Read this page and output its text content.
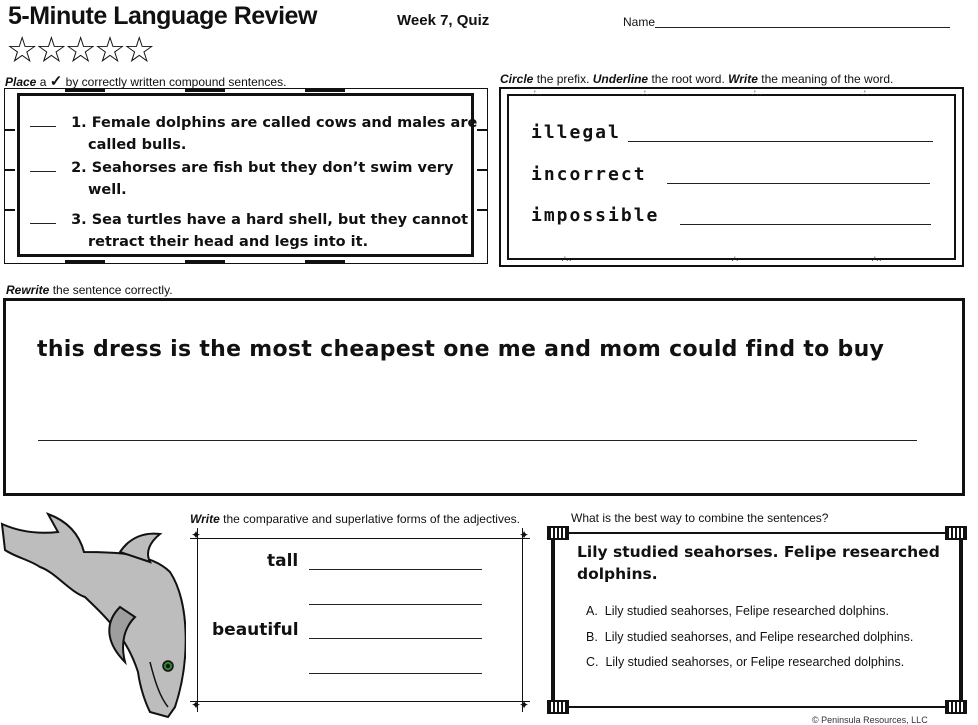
5-Minute Language Review	Week 7, Quiz	Name
☆☆☆☆☆
Place a ✓ by correctly written compound sentences.
1. Female dolphins are called cows and males are
called bulls.
2. Seahorses are fish but they don’t swim very
well.
3. Sea turtles have a hard shell, but they cannot
retract their head and legs into it.
Circle the prefix. Underline the root word. Write the meaning of the word.
·'··	·'·	·'··	·'·
·'··	·'·	·'··
illegal
incorrect
impossible
Rewrite the sentence correctly.
this dress is the most cheapest one me and mom could find to buy
Write the comparative and superlative forms of the adjectives.
✦	✦
✦	✦
tall
beautiful
What is the best way to combine the sentences?
Lily studied seahorses. Felipe researched dolphins.
A. Lily studied seahorses, Felipe researched dolphins.
B. Lily studied seahorses, and Felipe researched dolphins.
C. Lily studied seahorses, or Felipe researched dolphins.
© Peninsula Resources, LLC
